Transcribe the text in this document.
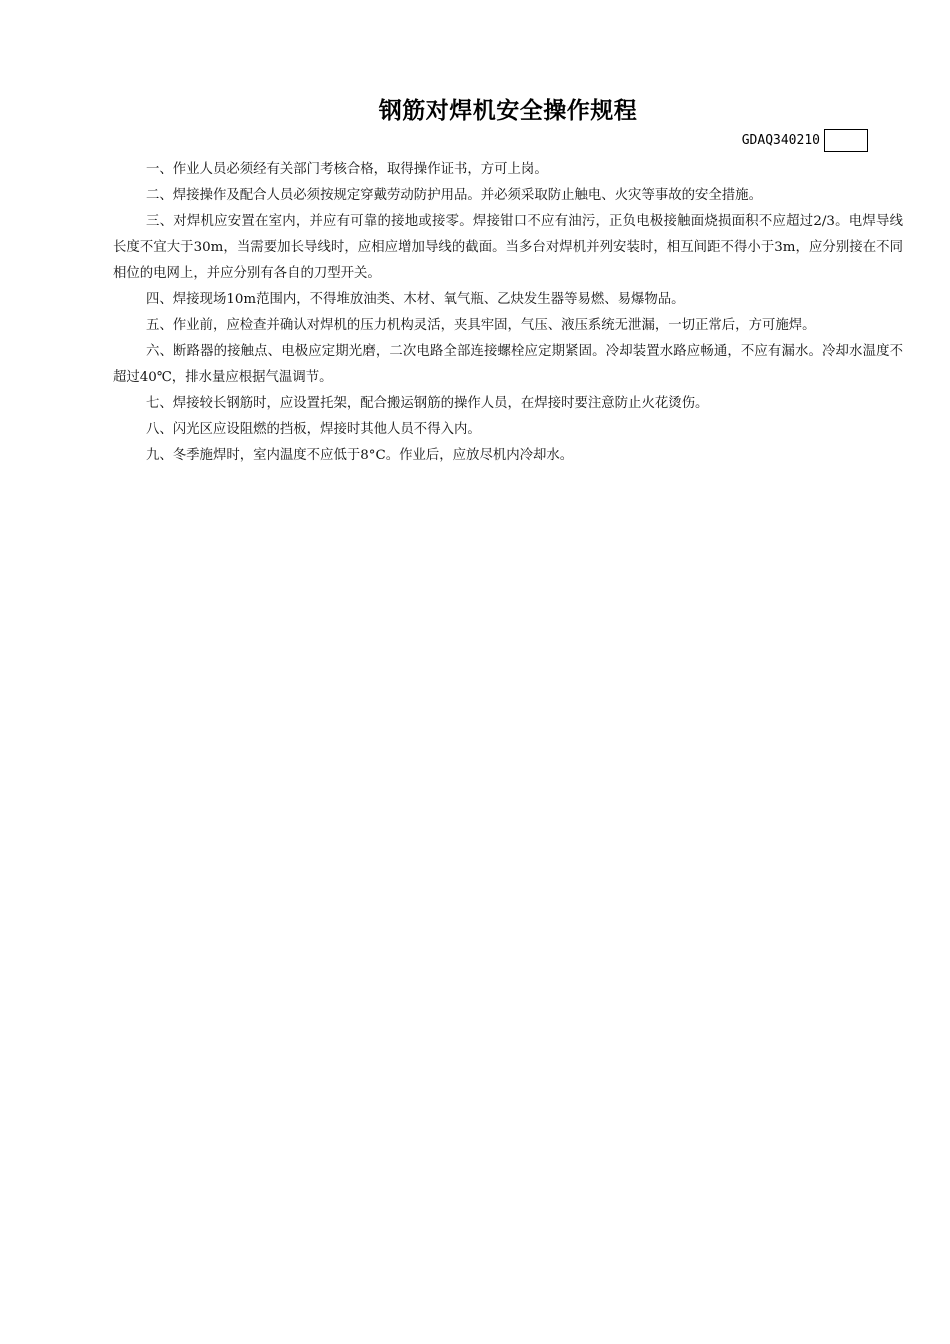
钢筋对焊机安全操作规程
GDAQ340210

一、作业人员必须经有关部门考核合格，取得操作证书，方可上岗。

二、焊接操作及配合人员必须按规定穿戴劳动防护用品。并必须采取防止触电、火灾等事故的安全措施。

三、对焊机应安置在室内，并应有可靠的接地或接零。焊接钳口不应有油污，正负电极接触面烧损面积不应超过2/3。电焊导线长度不宜大于30m，当需要加长导线时，应相应增加导线的截面。当多台对焊机并列安装时，相互间距不得小于3m，应分别接在不同相位的电网上，并应分别有各自的刀型开关。

四、焊接现场10m范围内，不得堆放油类、木材、氧气瓶、乙炔发生器等易燃、易爆物品。

五、作业前，应检查并确认对焊机的压力机构灵活，夹具牢固，气压、液压系统无泄漏，一切正常后，方可施焊。

六、断路器的接触点、电极应定期光磨，二次电路全部连接螺栓应定期紧固。冷却装置水路应畅通，不应有漏水。冷却水温度不超过40℃，排水量应根据气温调节。

七、焊接较长钢筋时，应设置托架，配合搬运钢筋的操作人员，在焊接时要注意防止火花烫伤。

八、闪光区应设阻燃的挡板，焊接时其他人员不得入内。

九、冬季施焊时，室内温度不应低于8°C。作业后，应放尽机内冷却水。
